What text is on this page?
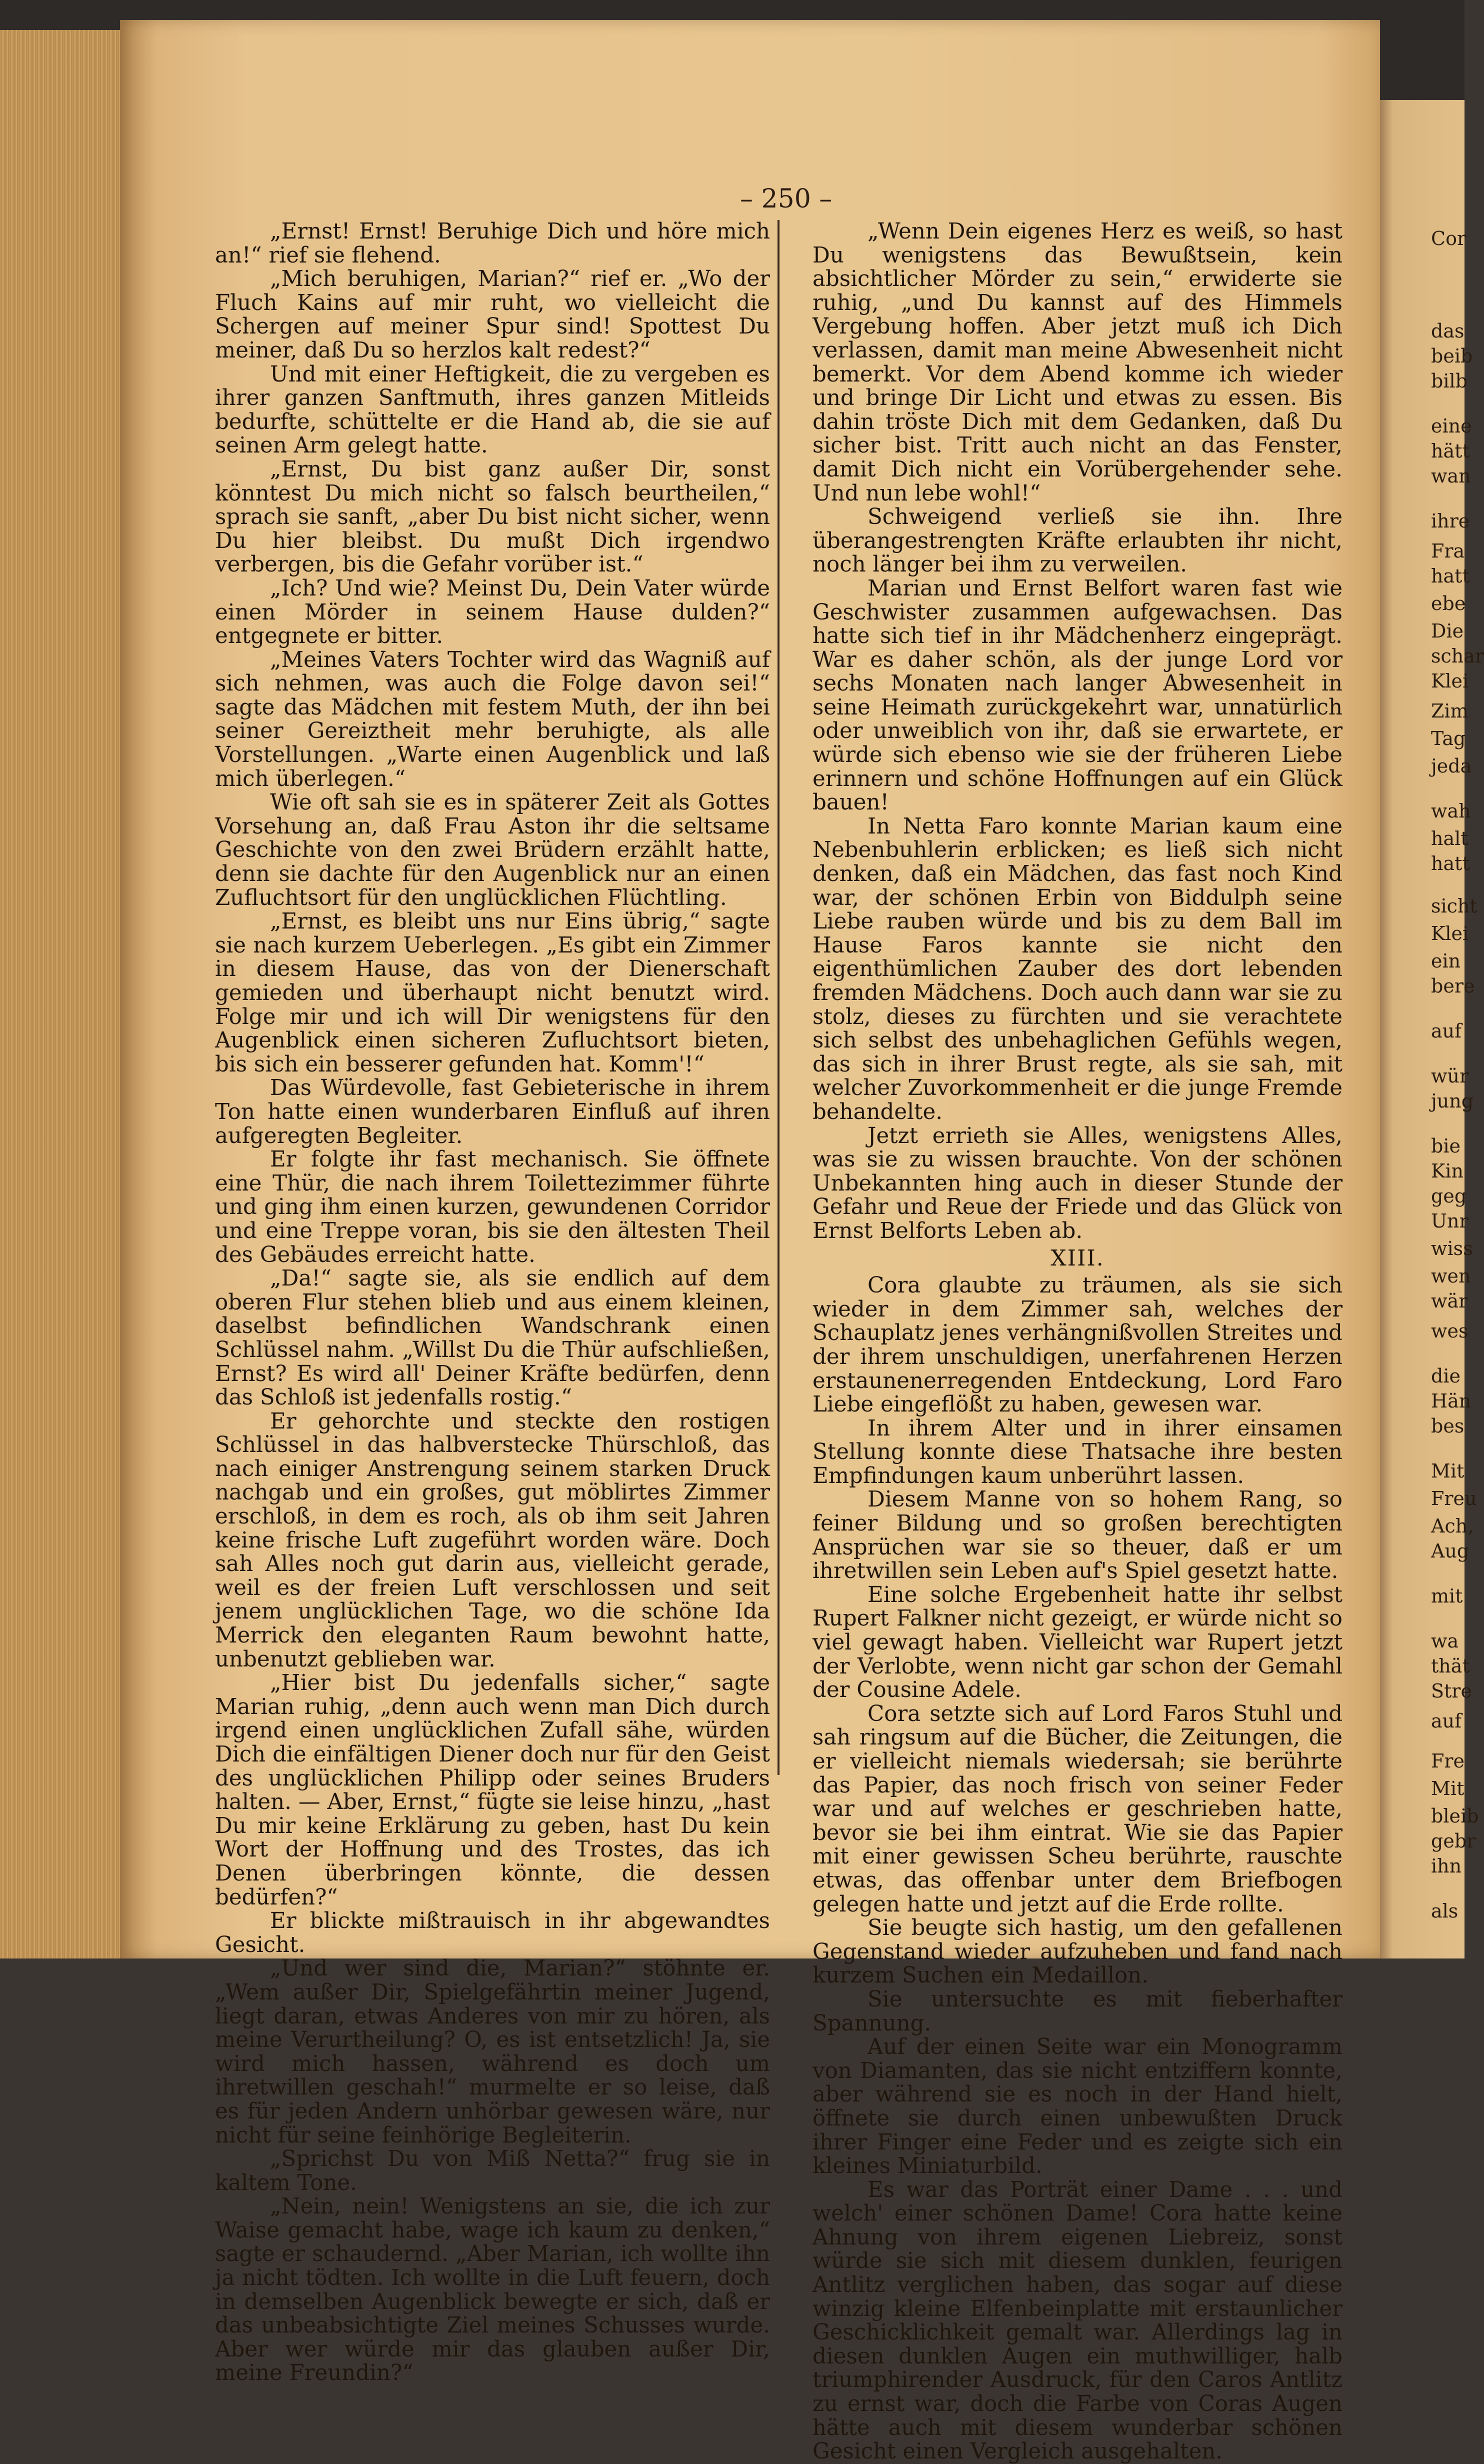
Cor
das
beib
bilb
eine
hätt
wan
ihre
Fra
hatt
ebe
Die
schar
Klei
Zim
Tag
jeda
wah
halt
hatt
sicht
Klei
ein
bere
auf
wür
jung
bie
Kin
geg
Unr
wiss
wen
wär
wes
die
Hän
bes
Mit
Freu
Ach,
Aug
mit
wa
thät
Stre
auf
Fre
Mit
bleib
gebr
ihn
als
– 250 –

„Ernst! Ernst! Beruhige Dich und höre mich an!“ rief sie flehend.

„Mich beruhigen, Marian?“ rief er. „Wo der Fluch Kains auf mir ruht, wo vielleicht die Schergen auf meiner Spur sind! Spottest Du meiner, daß Du so herzlos kalt redest?“

Und mit einer Heftigkeit, die zu vergeben es ihrer ganzen Sanftmuth, ihres ganzen Mitleids bedurfte, schüttelte er die Hand ab, die sie auf seinen Arm gelegt hatte.

„Ernst, Du bist ganz außer Dir, sonst könntest Du mich nicht so falsch beurtheilen,“ sprach sie sanft, „aber Du bist nicht sicher, wenn Du hier bleibst. Du mußt Dich irgendwo verbergen, bis die Gefahr vorüber ist.“

„Ich? Und wie? Meinst Du, Dein Vater würde einen Mörder in seinem Hause dulden?“ entgegnete er bitter.

„Meines Vaters Tochter wird das Wagniß auf sich nehmen, was auch die Folge davon sei!“ sagte das Mädchen mit festem Muth, der ihn bei seiner Gereiztheit mehr beruhigte, als alle Vorstellungen. „Warte einen Augenblick und laß mich überlegen.“

Wie oft sah sie es in späterer Zeit als Gottes Vorsehung an, daß Frau Aston ihr die seltsame Geschichte von den zwei Brüdern erzählt hatte, denn sie dachte für den Augenblick nur an einen Zufluchtsort für den unglücklichen Flüchtling.

„Ernst, es bleibt uns nur Eins übrig,“ sagte sie nach kurzem Ueberlegen. „Es gibt ein Zimmer in diesem Hause, das von der Dienerschaft gemieden und überhaupt nicht benutzt wird. Folge mir und ich will Dir wenigstens für den Augenblick einen sicheren Zufluchtsort bieten, bis sich ein besserer gefunden hat. Komm'!“

Das Würdevolle, fast Gebieterische in ihrem Ton hatte einen wunderbaren Einfluß auf ihren aufgeregten Begleiter.

Er folgte ihr fast mechanisch. Sie öffnete eine Thür, die nach ihrem Toilettezimmer führte und ging ihm einen kurzen, gewundenen Corridor und eine Treppe voran, bis sie den ältesten Theil des Gebäudes erreicht hatte.

„Da!“ sagte sie, als sie endlich auf dem oberen Flur stehen blieb und aus einem kleinen, daselbst befindlichen Wandschrank einen Schlüssel nahm. „Willst Du die Thür aufschließen, Ernst? Es wird all' Deiner Kräfte bedürfen, denn das Schloß ist jedenfalls rostig.“

Er gehorchte und steckte den rostigen Schlüssel in das halbverstecke Thürschloß, das nach einiger Anstrengung seinem starken Druck nachgab und ein großes, gut möblirtes Zimmer erschloß, in dem es roch, als ob ihm seit Jahren keine frische Luft zugeführt worden wäre. Doch sah Alles noch gut darin aus, vielleicht gerade, weil es der freien Luft verschlossen und seit jenem unglücklichen Tage, wo die schöne Ida Merrick den eleganten Raum bewohnt hatte, unbenutzt geblieben war.

„Hier bist Du jedenfalls sicher,“ sagte Marian ruhig, „denn auch wenn man Dich durch irgend einen unglücklichen Zufall sähe, würden Dich die einfältigen Diener doch nur für den Geist des unglücklichen Philipp oder seines Bruders halten. — Aber, Ernst,“ fügte sie leise hinzu, „hast Du mir keine Erklärung zu geben, hast Du kein Wort der Hoffnung und des Trostes, das ich Denen überbringen könnte, die dessen bedürfen?“

Er blickte mißtrauisch in ihr abgewandtes Gesicht.

„Und wer sind die, Marian?“ stöhnte er. „Wem außer Dir, Spielgefährtin meiner Jugend, liegt daran, etwas Anderes von mir zu hören, als meine Verurtheilung? O, es ist entsetzlich! Ja, sie wird mich hassen, während es doch um ihretwillen geschah!“ murmelte er so leise, daß es für jeden Andern unhörbar gewesen wäre, nur nicht für seine feinhörige Begleiterin.

„Sprichst Du von Miß Netta?“ frug sie in kaltem Tone.

„Nein, nein! Wenigstens an sie, die ich zur Waise gemacht habe, wage ich kaum zu denken,“ sagte er schaudernd. „Aber Marian, ich wollte ihn ja nicht tödten. Ich wollte in die Luft feuern, doch in demselben Augenblick bewegte er sich, daß er das unbeabsichtigte Ziel meines Schusses wurde. Aber wer würde mir das glauben außer Dir, meine Freundin?“

„Wenn Dein eigenes Herz es weiß, so hast Du wenigstens das Bewußtsein, kein absichtlicher Mörder zu sein,“ erwiderte sie ruhig, „und Du kannst auf des Himmels Vergebung hoffen. Aber jetzt muß ich Dich verlassen, damit man meine Abwesenheit nicht bemerkt. Vor dem Abend komme ich wieder und bringe Dir Licht und etwas zu essen. Bis dahin tröste Dich mit dem Gedanken, daß Du sicher bist. Tritt auch nicht an das Fenster, damit Dich nicht ein Vorübergehender sehe. Und nun lebe wohl!“

Schweigend verließ sie ihn. Ihre überangestrengten Kräfte erlaubten ihr nicht, noch länger bei ihm zu verweilen.

Marian und Ernst Belfort waren fast wie Geschwister zusammen aufgewachsen. Das hatte sich tief in ihr Mädchenherz eingeprägt. War es daher schön, als der junge Lord vor sechs Monaten nach langer Abwesenheit in seine Heimath zurückgekehrt war, unnatürlich oder unweiblich von ihr, daß sie erwartete, er würde sich ebenso wie sie der früheren Liebe erinnern und schöne Hoffnungen auf ein Glück bauen!

In Netta Faro konnte Marian kaum eine Nebenbuhlerin erblicken; es ließ sich nicht denken, daß ein Mädchen, das fast noch Kind war, der schönen Erbin von Biddulph seine Liebe rauben würde und bis zu dem Ball im Hause Faros kannte sie nicht den eigenthümlichen Zauber des dort lebenden fremden Mädchens. Doch auch dann war sie zu stolz, dieses zu fürchten und sie verachtete sich selbst des unbehaglichen Gefühls wegen, das sich in ihrer Brust regte, als sie sah, mit welcher Zuvorkommenheit er die junge Fremde behandelte.

Jetzt errieth sie Alles, wenigstens Alles, was sie zu wissen brauchte. Von der schönen Unbekannten hing auch in dieser Stunde der Gefahr und Reue der Friede und das Glück von Ernst Belforts Leben ab.

XIII.

Cora glaubte zu träumen, als sie sich wieder in dem Zimmer sah, welches der Schauplatz jenes verhängnißvollen Streites und der ihrem unschuldigen, unerfahrenen Herzen erstaunenerregenden Entdeckung, Lord Faro Liebe eingeflößt zu haben, gewesen war.

In ihrem Alter und in ihrer einsamen Stellung konnte diese Thatsache ihre besten Empfindungen kaum unberührt lassen.

Diesem Manne von so hohem Rang, so feiner Bildung und so großen berechtigten Ansprüchen war sie so theuer, daß er um ihretwillen sein Leben auf's Spiel gesetzt hatte.

Eine solche Ergebenheit hatte ihr selbst Rupert Falkner nicht gezeigt, er würde nicht so viel gewagt haben. Vielleicht war Rupert jetzt der Verlobte, wenn nicht gar schon der Gemahl der Cousine Adele.

Cora setzte sich auf Lord Faros Stuhl und sah ringsum auf die Bücher, die Zeitungen, die er vielleicht niemals wiedersah; sie berührte das Papier, das noch frisch von seiner Feder war und auf welches er geschrieben hatte, bevor sie bei ihm eintrat. Wie sie das Papier mit einer gewissen Scheu berührte, rauschte etwas, das offenbar unter dem Briefbogen gelegen hatte und jetzt auf die Erde rollte.

Sie beugte sich hastig, um den gefallenen Gegenstand wieder aufzuheben und fand nach kurzem Suchen ein Medaillon.

Sie untersuchte es mit fieberhafter Spannung.

Auf der einen Seite war ein Monogramm von Diamanten, das sie nicht entziffern konnte, aber während sie es noch in der Hand hielt, öffnete sie durch einen unbewußten Druck ihrer Finger eine Feder und es zeigte sich ein kleines Miniaturbild.

Es war das Porträt einer Dame . . . und welch' einer schönen Dame! Cora hatte keine Ahnung von ihrem eigenen Liebreiz, sonst würde sie sich mit diesem dunklen, feurigen Antlitz verglichen haben, das sogar auf diese winzig kleine Elfenbeinplatte mit erstaunlicher Geschicklichkeit gemalt war. Allerdings lag in diesen dunklen Augen ein muthwilliger, halb triumphirender Ausdruck, für den Caros Antlitz zu ernst war, doch die Farbe von Coras Augen hätte auch mit diesem wunderbar schönen Gesicht einen Vergleich ausgehalten.
